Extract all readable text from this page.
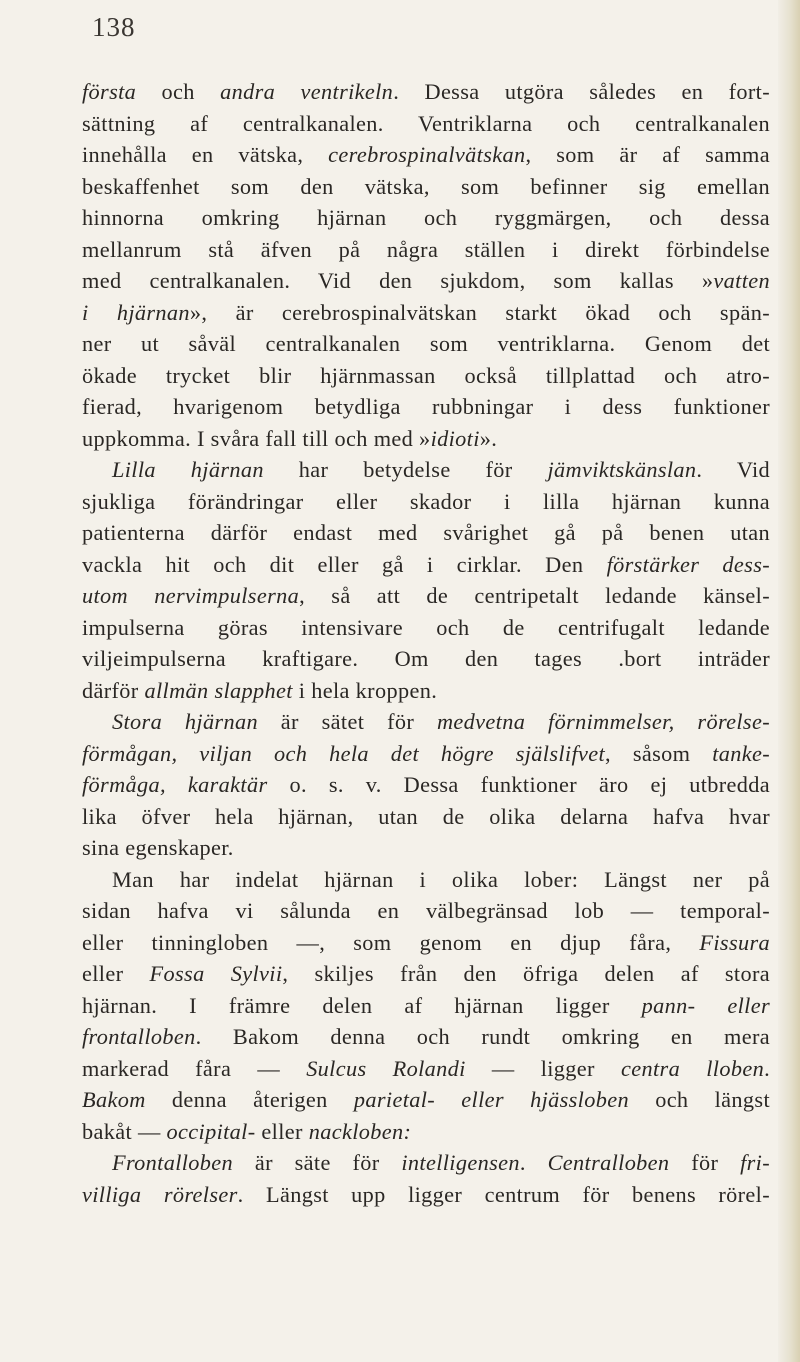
138
första och andra ventrikeln. Dessa utgöra således en fort-
sättning af centralkanalen. Ventriklarna och centralkanalen
innehålla en vätska, cerebrospinalvätskan, som är af samma
beskaffenhet som den vätska, som befinner sig emellan
hinnorna omkring hjärnan och ryggmärgen, och dessa
mellanrum stå äfven på några ställen i direkt förbindelse
med centralkanalen. Vid den sjukdom, som kallas »vatten
i hjärnan», är cerebrospinalvätskan starkt ökad och spän-
ner ut såväl centralkanalen som ventriklarna. Genom det
ökade trycket blir hjärnmassan också tillplattad och atro-
fierad, hvarigenom betydliga rubbningar i dess funktioner
uppkomma. I svåra fall till och med »idioti».
Lilla hjärnan har betydelse för jämviktskänslan. Vid
sjukliga förändringar eller skador i lilla hjärnan kunna
patienterna därför endast med svårighet gå på benen utan
vackla hit och dit eller gå i cirklar. Den förstärker dess-
utom nervimpulserna, så att de centripetalt ledande känsel-
impulserna göras intensivare och de centrifugalt ledande
viljeimpulserna kraftigare. Om den tages .bort inträder
därför allmän slapphet i hela kroppen.
Stora hjärnan är sätet för medvetna förnimmelser, rörelse-
förmågan, viljan och hela det högre själslifvet, såsom tanke-
förmåga, karaktär o. s. v. Dessa funktioner äro ej utbredda
lika öfver hela hjärnan, utan de olika delarna hafva hvar
sina egenskaper.
Man har indelat hjärnan i olika lober: Längst ner på
sidan hafva vi sålunda en välbegränsad lob — temporal-
eller tinningloben —, som genom en djup fåra, Fissura
eller Fossa Sylvii, skiljes från den öfriga delen af stora
hjärnan. I främre delen af hjärnan ligger pann- eller
frontalloben. Bakom denna och rundt omkring en mera
markerad fåra — Sulcus Rolandi — ligger centra lloben.
Bakom denna återigen parietal- eller hjässloben och längst
bakåt — occipital- eller nackloben:
Frontalloben är säte för intelligensen. Centralloben för fri-
villiga rörelser. Längst upp ligger centrum för benens rörel-
